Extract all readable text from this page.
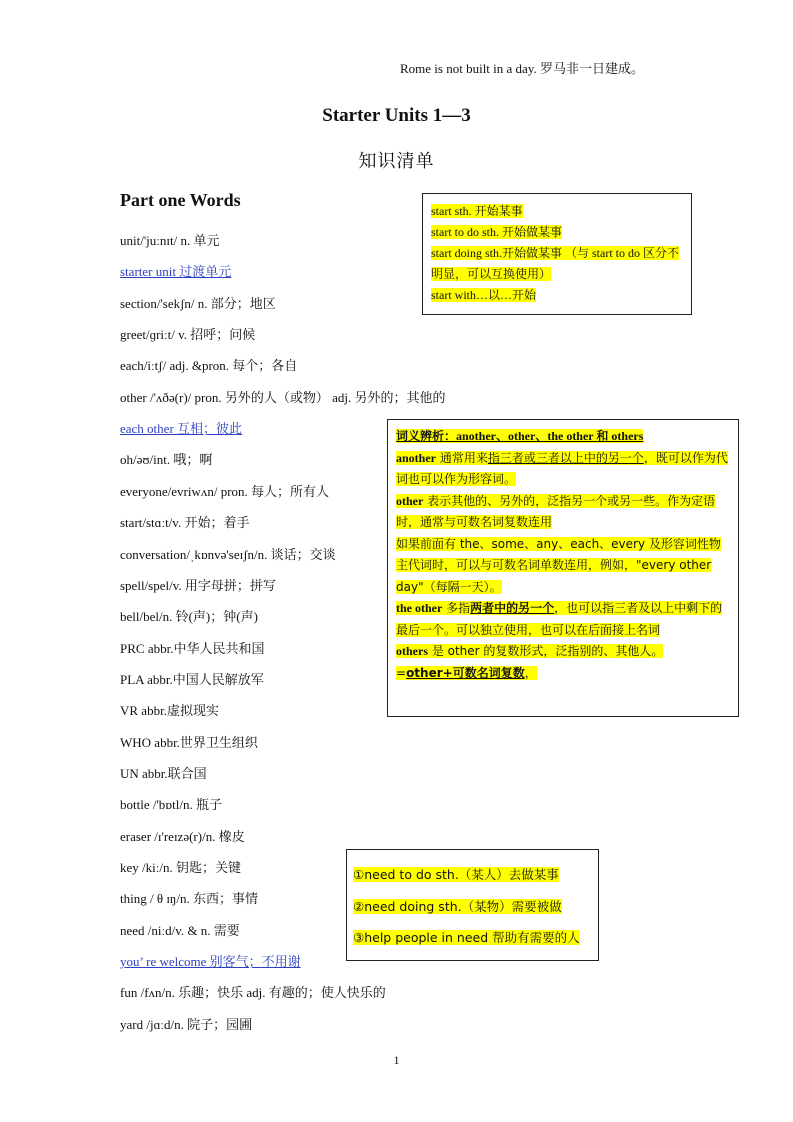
Rome is not built in a day. 罗马非一日建成。
Starter Units 1—3
知识清单
Part one Words
unit/'juːnɪt/ n. 单元
starter unit 过渡单元
section/'sekʃn/ n. 部分；地区
greet/ɡriːt/ v. 招呼；问候
each/iːtʃ/ adj. &pron. 每个；各自
other /'ʌðə(r)/ pron. 另外的人（或物） adj. 另外的；其他的
each other 互相；彼此
oh/əʊ/int. 哦；啊
everyone/evriwʌn/ pron. 每人；所有人
start/stɑːt/v. 开始；着手
conversation/ˌkɒnvə'seɪʃn/n. 谈话；交谈
spell/spel/v. 用字母拼；拼写
bell/bel/n. 铃(声)；钟(声)
PRC abbr.中华人民共和国
PLA abbr.中国人民解放军
VR abbr.虚拟现实
WHO abbr.世界卫生组织
UN abbr.联合国
bottle /'bɒtl/n. 瓶子
eraser /ɪ'reɪzə(r)/n. 橡皮
key /kiː/n. 钥匙；关键
thing / θ ɪŋ/n. 东西；事情
need /niːd/v. & n. 需要
you’ re welcome 别客气；不用谢
fun /fʌn/n. 乐趣；快乐 adj. 有趣的；使人快乐的
yard /jɑːd/n. 院子；园圃
start sth. 开始某事
start to do sth. 开始做某事
start doing sth.开始做某事 （与 start to do 区分不明显，可以互换使用）
start with…以…开始
词义辨析：another、other、the other 和 others
another 通常用来指三者或三者以上中的另一个，既可以作为代词也可以作为形容词。
other 表示其他的、另外的，泛指另一个或另一些。作为定语时，通常与可数名词复数连用
如果前面有 the、some、any、each、every 及形容词性物主代词时，可以与可数名词单数连用，例如，"every other day"（每隔一天）。
the other 多指两者中的另一个，也可以指三者及以上中剩下的最后一个。可以独立使用，也可以在后面接上名词
others 是 other 的复数形式，泛指别的、其他人。=other+可数名词复数，
①need to do sth.（某人）去做某事
②need doing sth.（某物）需要被做
③help people in need 帮助有需要的人
1
